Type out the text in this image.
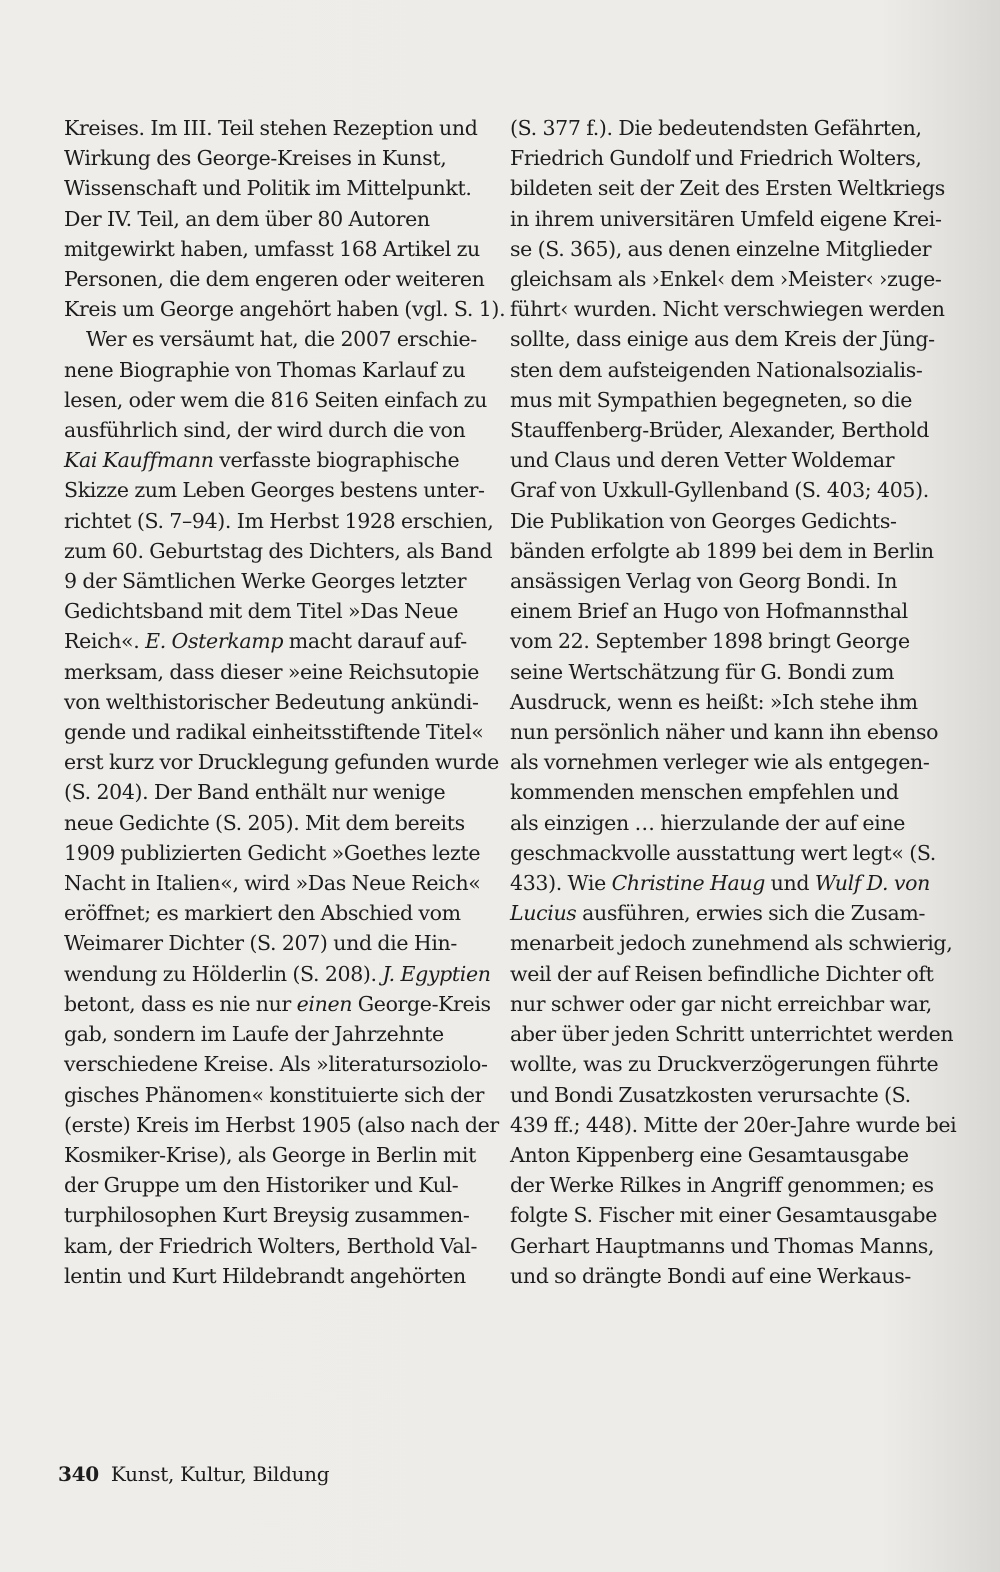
Kreises. Im III. Teil stehen Rezeption und
Wirkung des George-Kreises in Kunst,
Wissenschaft und Politik im Mittelpunkt.
Der IV. Teil, an dem über 80 Autoren
mitgewirkt haben, umfasst 168 Artikel zu
Personen, die dem engeren oder weiteren
Kreis um George angehört haben (vgl. S. 1).
Wer es versäumt hat, die 2007 erschie-
nene Biographie von Thomas Karlauf zu
lesen, oder wem die 816 Seiten einfach zu
ausführlich sind, der wird durch die von
Kai Kauffmann verfasste biographische
Skizze zum Leben Georges bestens unter-
richtet (S. 7–94). Im Herbst 1928 erschien,
zum 60. Geburtstag des Dichters, als Band
9 der Sämtlichen Werke Georges letzter
Gedichtsband mit dem Titel »Das Neue
Reich«. E. Osterkamp macht darauf auf-
merksam, dass dieser »eine Reichsutopie
von welthistorischer Bedeutung ankündi-
gende und radikal einheitsstiftende Titel«
erst kurz vor Drucklegung gefunden wurde
(S. 204). Der Band enthält nur wenige
neue Gedichte (S. 205). Mit dem bereits
1909 publizierten Gedicht »Goethes lezte
Nacht in Italien«, wird »Das Neue Reich«
eröffnet; es markiert den Abschied vom
Weimarer Dichter (S. 207) und die Hin-
wendung zu Hölderlin (S. 208). J. Egyptien
betont, dass es nie nur einen George-Kreis
gab, sondern im Laufe der Jahrzehnte
verschiedene Kreise. Als »literatursoziolo-
gisches Phänomen« konstituierte sich der
(erste) Kreis im Herbst 1905 (also nach der
Kosmiker-Krise), als George in Berlin mit
der Gruppe um den Historiker und Kul-
turphilosophen Kurt Breysig zusammen-
kam, der Friedrich Wolters, Berthold Val-
lentin und Kurt Hildebrandt angehörten
(S. 377 f.). Die bedeutendsten Gefährten,
Friedrich Gundolf und Friedrich Wolters,
bildeten seit der Zeit des Ersten Weltkriegs
in ihrem universitären Umfeld eigene Krei-
se (S. 365), aus denen einzelne Mitglieder
gleichsam als ›Enkel‹ dem ›Meister‹ ›zuge-
führt‹ wurden. Nicht verschwiegen werden
sollte, dass einige aus dem Kreis der Jüng-
sten dem aufsteigenden Nationalsozialis-
mus mit Sympathien begegneten, so die
Stauffenberg-Brüder, Alexander, Berthold
und Claus und deren Vetter Woldemar
Graf von Uxkull-Gyllenband (S. 403; 405).
Die Publikation von Georges Gedichts-
bänden erfolgte ab 1899 bei dem in Berlin
ansässigen Verlag von Georg Bondi. In
einem Brief an Hugo von Hofmannsthal
vom 22. September 1898 bringt George
seine Wertschätzung für G. Bondi zum
Ausdruck, wenn es heißt: »Ich stehe ihm
nun persönlich näher und kann ihn ebenso
als vornehmen verleger wie als entgegen-
kommenden menschen empfehlen und
als einzigen … hierzulande der auf eine
geschmackvolle ausstattung wert legt« (S.
433). Wie Christine Haug und Wulf D. von
Lucius ausführen, erwies sich die Zusam-
menarbeit jedoch zunehmend als schwierig,
weil der auf Reisen befindliche Dichter oft
nur schwer oder gar nicht erreichbar war,
aber über jeden Schritt unterrichtet werden
wollte, was zu Druckverzögerungen führte
und Bondi Zusatzkosten verursachte (S.
439 ff.; 448). Mitte der 20er-Jahre wurde bei
Anton Kippenberg eine Gesamtausgabe
der Werke Rilkes in Angriff genommen; es
folgte S. Fischer mit einer Gesamtausgabe
Gerhart Hauptmanns und Thomas Manns,
und so drängte Bondi auf eine Werkaus-
340 Kunst, Kultur, Bildung
